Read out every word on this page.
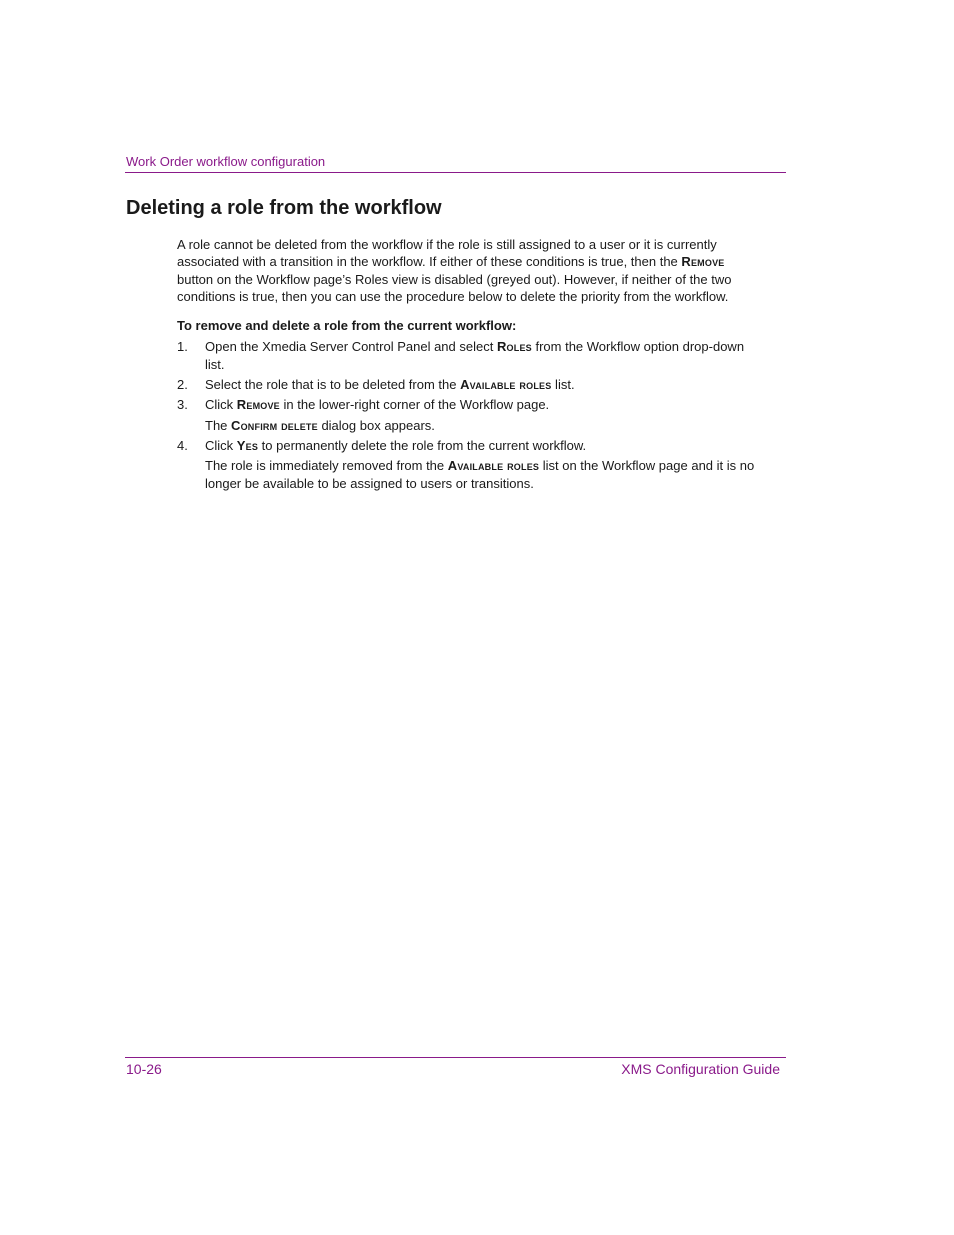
Work Order workflow configuration
Deleting a role from the workflow

A role cannot be deleted from the workflow if the role is still assigned to a user or it is currently associated with a transition in the workflow. If either of these conditions is true, then the Remove button on the Workflow page’s Roles view is disabled (greyed out). However, if neither of the two conditions is true, then you can use the procedure below to delete the priority from the workflow.

To remove and delete a role from the current workflow:

1. Open the Xmedia Server Control Panel and select Roles from the Workflow option drop-down list.
2. Select the role that is to be deleted from the Available roles list.
3. Click Remove in the lower-right corner of the Workflow page.
The Confirm delete dialog box appears.
4. Click Yes to permanently delete the role from the current workflow.
The role is immediately removed from the Available roles list on the Workflow page and it is no longer be available to be assigned to users or transitions.
10-26	XMS Configuration Guide
